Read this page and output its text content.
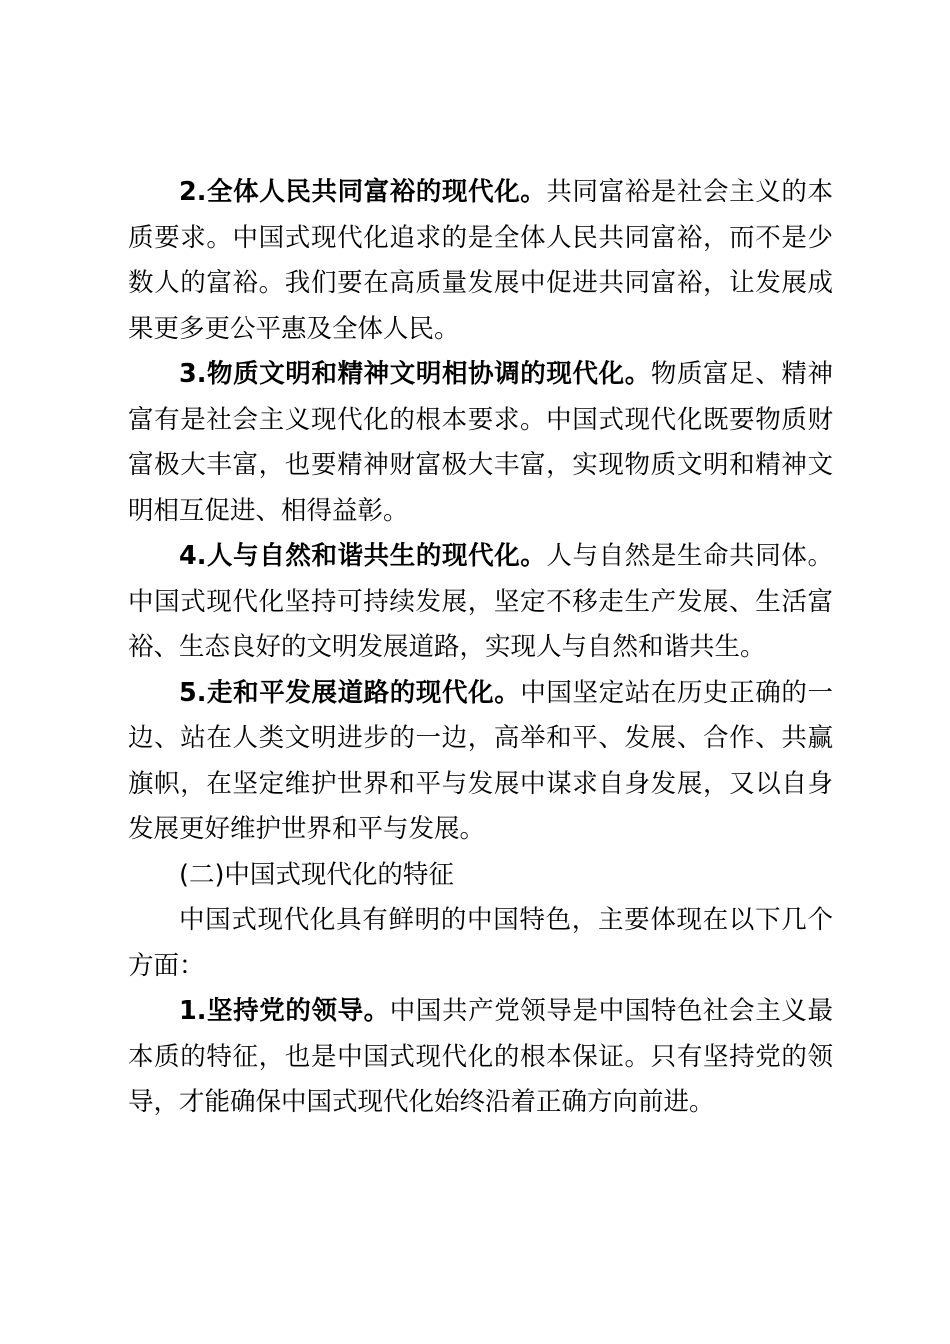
2.全体人民共同富裕的现代化。共同富裕是社会主义的本质要求。中国式现代化追求的是全体人民共同富裕，而不是少数人的富裕。我们要在高质量发展中促进共同富裕，让发展成果更多更公平惠及全体人民。

3.物质文明和精神文明相协调的现代化。物质富足、精神富有是社会主义现代化的根本要求。中国式现代化既要物质财富极大丰富，也要精神财富极大丰富，实现物质文明和精神文明相互促进、相得益彰。

4.人与自然和谐共生的现代化。人与自然是生命共同体。中国式现代化坚持可持续发展，坚定不移走生产发展、生活富裕、生态良好的文明发展道路，实现人与自然和谐共生。

5.走和平发展道路的现代化。中国坚定站在历史正确的一边、站在人类文明进步的一边，高举和平、发展、合作、共赢旗帜，在坚定维护世界和平与发展中谋求自身发展，又以自身发展更好维护世界和平与发展。

(二)中国式现代化的特征

中国式现代化具有鲜明的中国特色，主要体现在以下几个方面：

1.坚持党的领导。中国共产党领导是中国特色社会主义最本质的特征，也是中国式现代化的根本保证。只有坚持党的领导，才能确保中国式现代化始终沿着正确方向前进。
